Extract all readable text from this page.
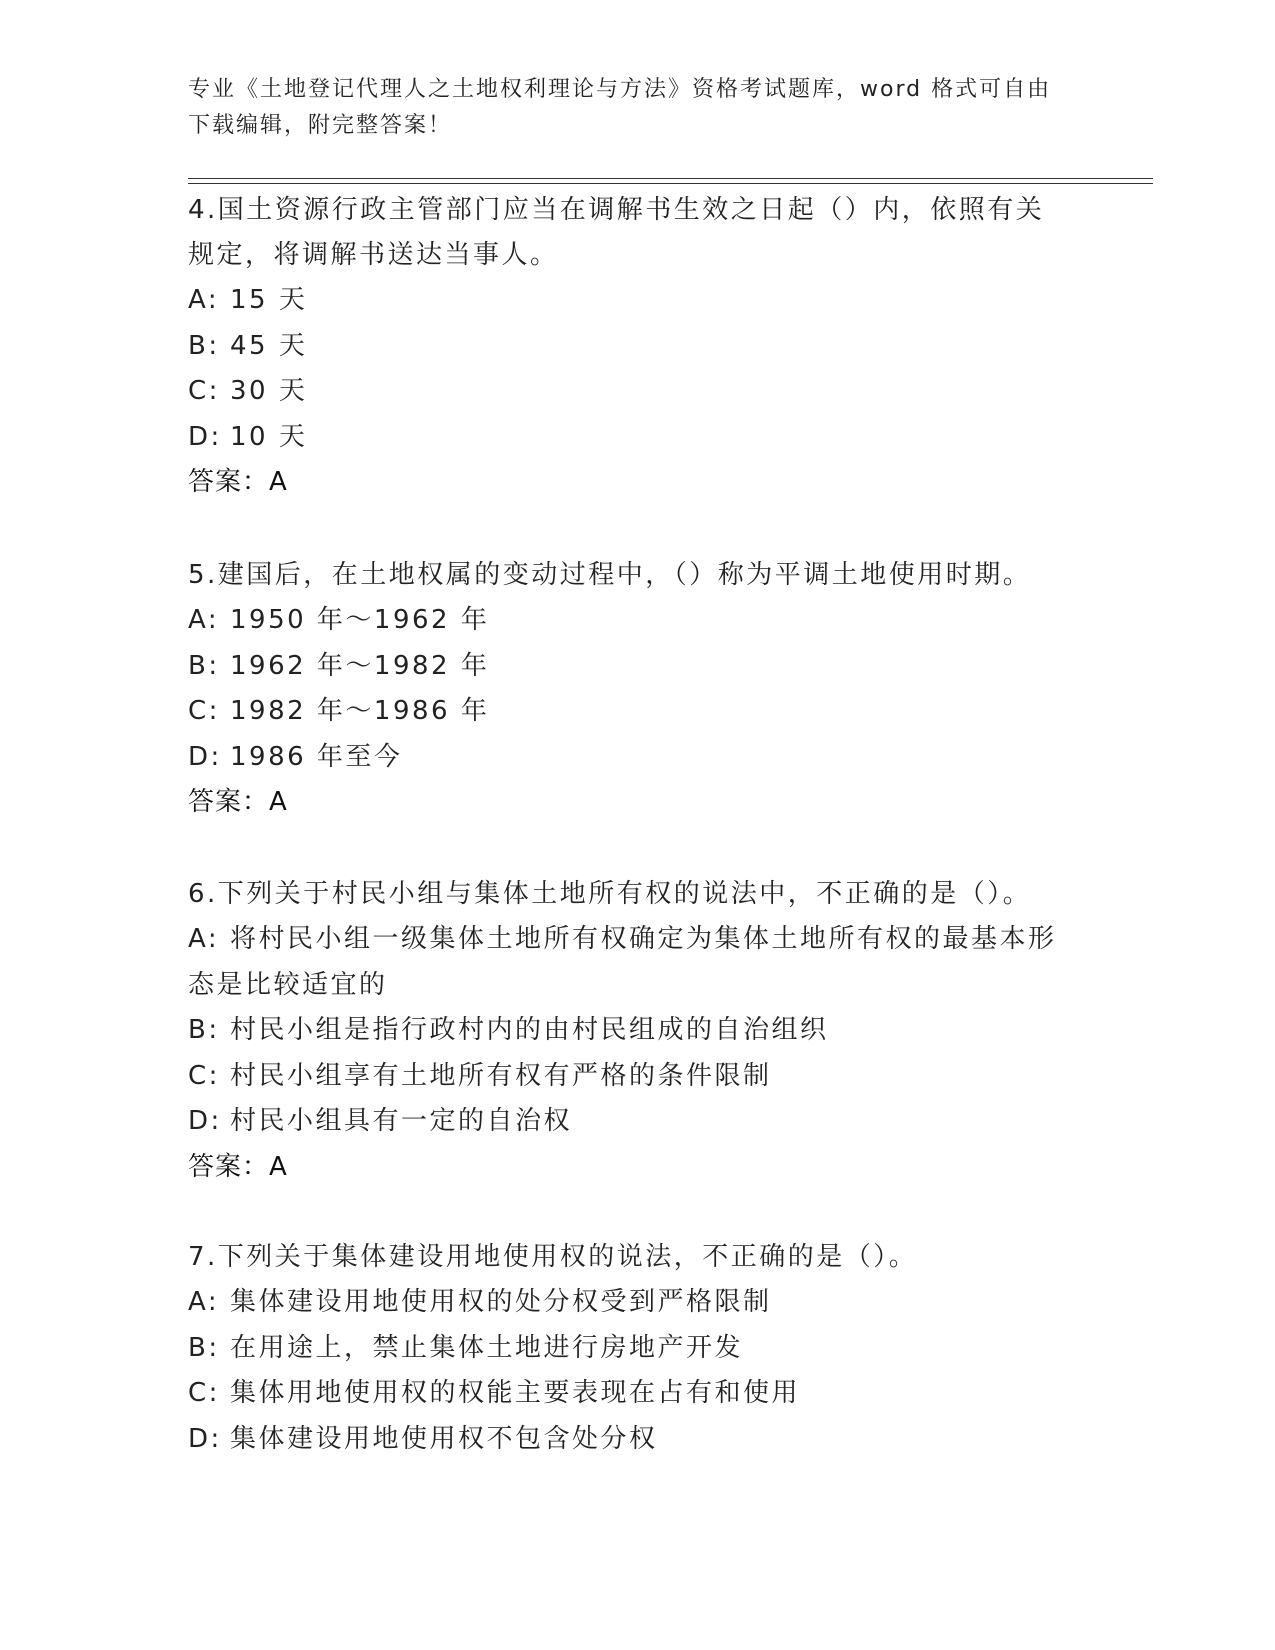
专业《土地登记代理人之土地权利理论与方法》资格考试题库，word 格式可自由
下载编辑，附完整答案！
4.国土资源行政主管部门应当在调解书生效之日起（）内，依照有关
规定，将调解书送达当事人。
A: 15 天
B: 45 天
C: 30 天
D: 10 天
答案：A
5.建国后，在土地权属的变动过程中，（）称为平调土地使用时期。
A: 1950 年～1962 年
B: 1962 年～1982 年
C: 1982 年～1986 年
D: 1986 年至今
答案：A
6.下列关于村民小组与集体土地所有权的说法中，不正确的是（）。
A: 将村民小组一级集体土地所有权确定为集体土地所有权的最基本形
态是比较适宜的
B: 村民小组是指行政村内的由村民组成的自治组织
C: 村民小组享有土地所有权有严格的条件限制
D: 村民小组具有一定的自治权
答案：A
7.下列关于集体建设用地使用权的说法，不正确的是（）。
A: 集体建设用地使用权的处分权受到严格限制
B: 在用途上，禁止集体土地进行房地产开发
C: 集体用地使用权的权能主要表现在占有和使用
D: 集体建设用地使用权不包含处分权
